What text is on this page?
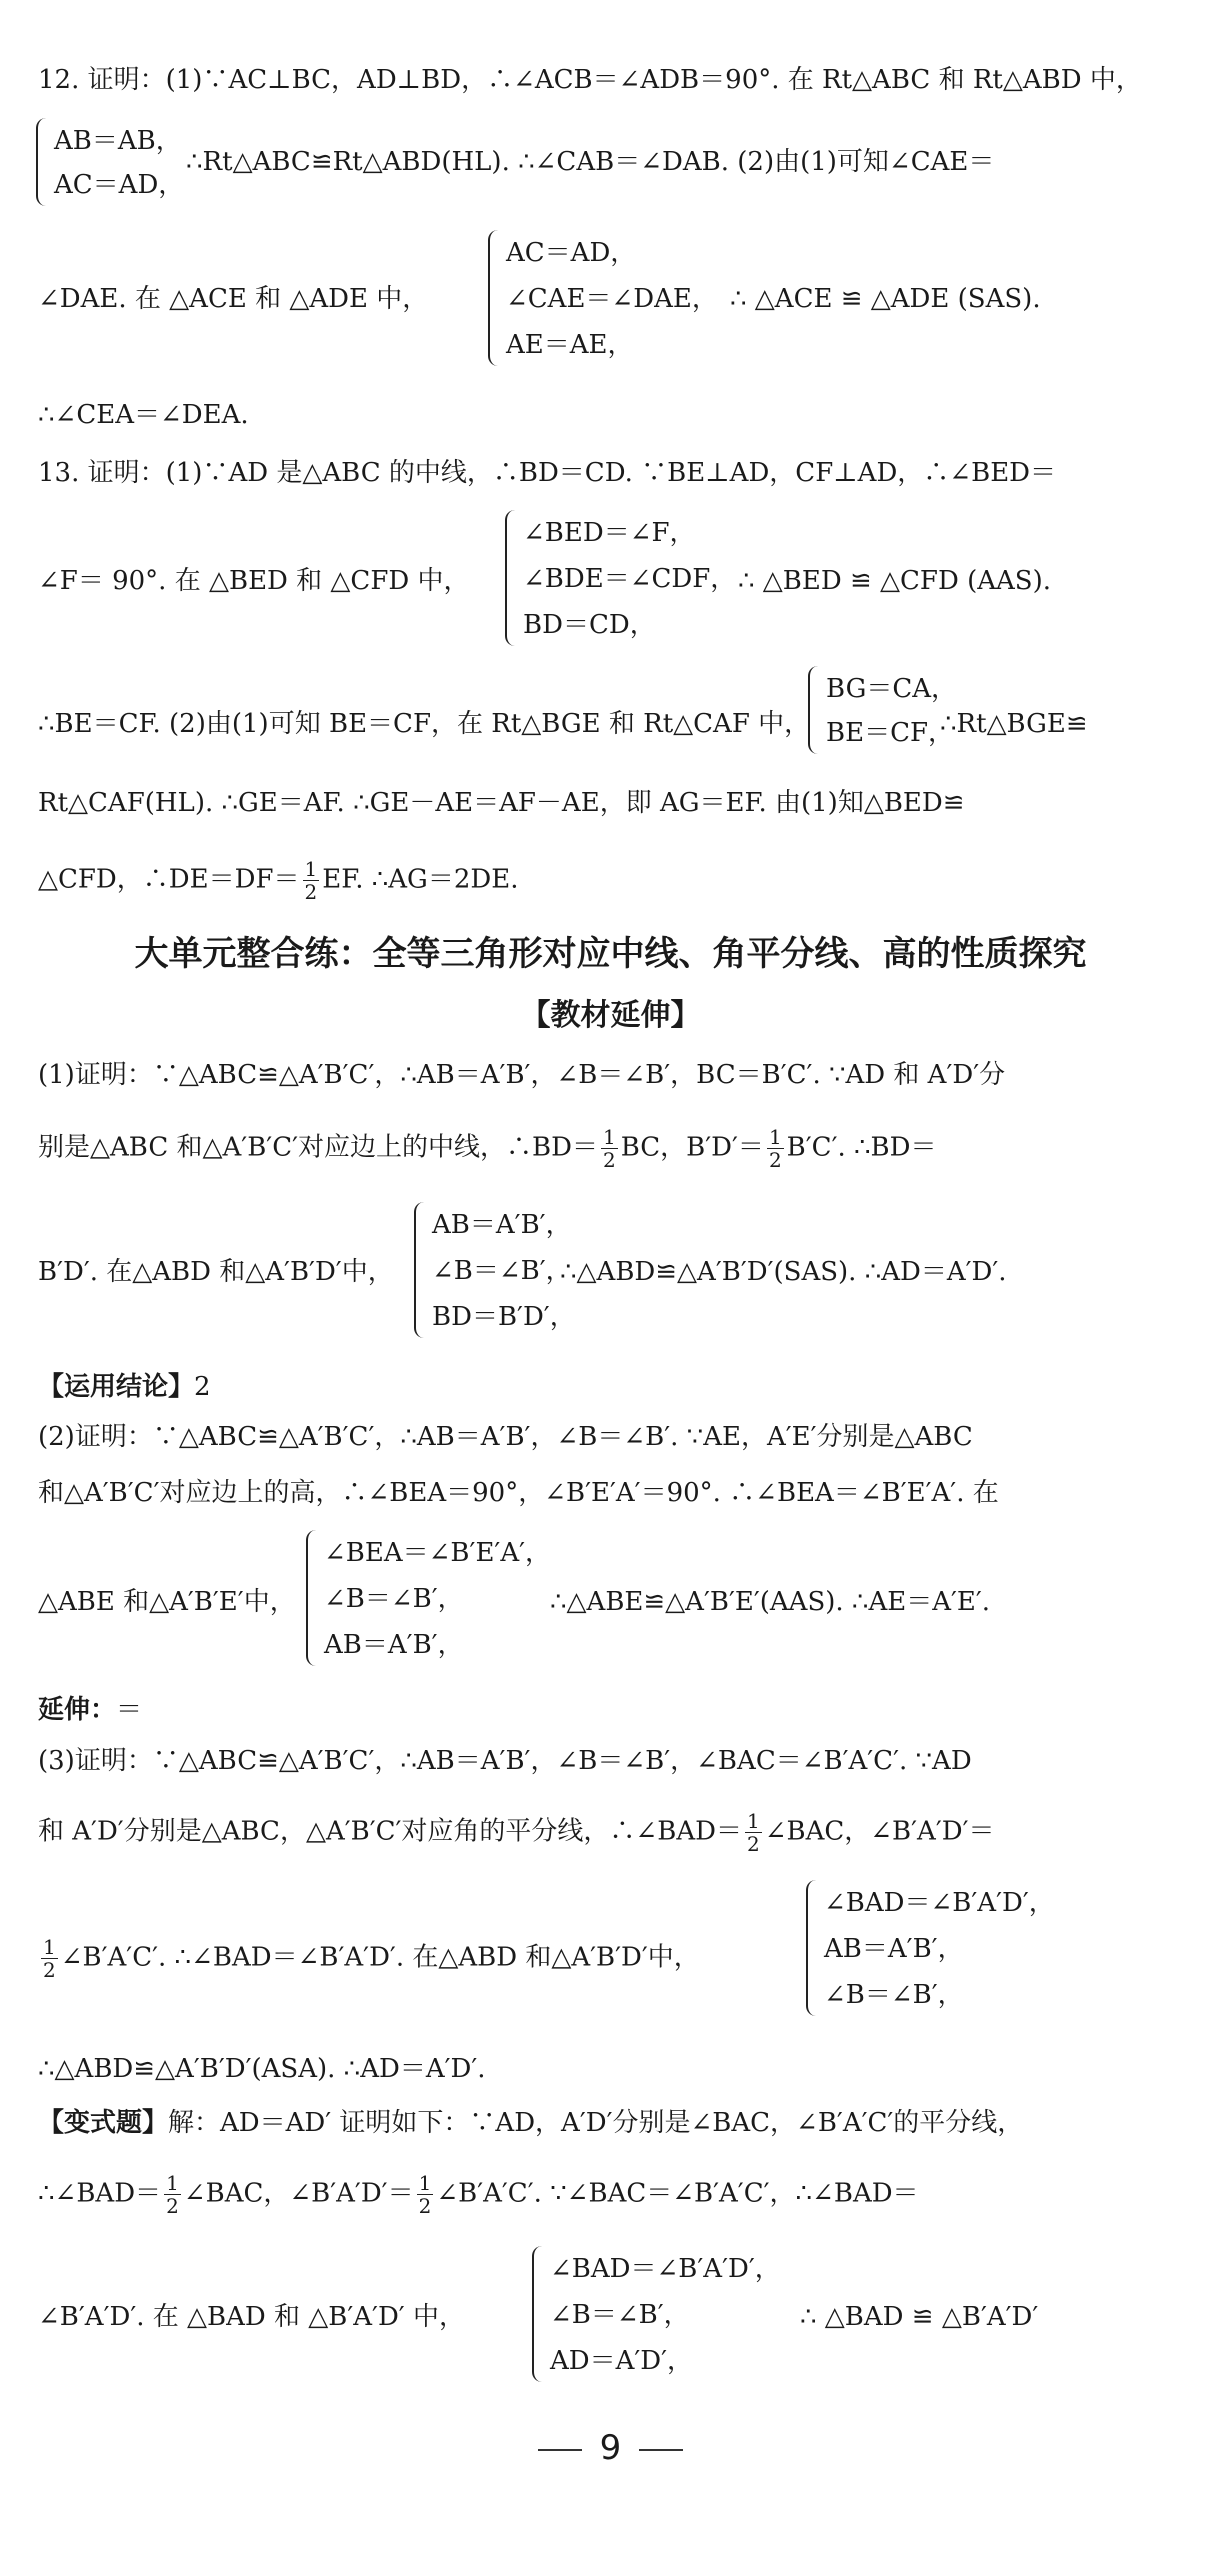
12. 证明：(1)∵AC⊥BC，AD⊥BD，∴∠ACB＝∠ADB＝90°. 在 Rt△ABC 和 Rt△ABD 中，
AB＝AB，
AC＝AD，
∴Rt△ABC≌Rt△ABD(HL). ∴∠CAB＝∠DAB. (2)由(1)可知∠CAE＝
∠DAE. 在 △ACE 和 △ADE 中，
AC＝AD，
∠CAE＝∠DAE，
AE＝AE，
∴ △ACE ≌ △ADE (SAS).
∴∠CEA＝∠DEA.
13. 证明：(1)∵AD 是△ABC 的中线，∴BD＝CD. ∵BE⊥AD，CF⊥AD，∴∠BED＝
∠F＝ 90°. 在 △BED 和 △CFD 中，
∠BED＝∠F，
∠BDE＝∠CDF，
BD＝CD，
∴ △BED ≌ △CFD (AAS).
∴BE＝CF. (2)由(1)可知 BE＝CF，在 Rt△BGE 和 Rt△CAF 中，
BG＝CA，
BE＝CF，
∴Rt△BGE≌
Rt△CAF(HL). ∴GE＝AF. ∴GE－AE＝AF－AE，即 AG＝EF. 由(1)知△BED≌
△CFD，∴DE＝DF＝ $\frac{1}{2}$ EF. ∴AG＝2DE.
大单元整合练：全等三角形对应中线、角平分线、高的性质探究
【教材延伸】
(1)证明：∵△ABC≌△A′B′C′，∴AB＝A′B′，∠B＝∠B′，BC＝B′C′. ∵AD 和 A′D′分
别是△ABC 和△A′B′C′对应边上的中线，∴BD＝ $\frac{1}{2}$ BC，$B'D'= \frac{1}{2} B'C'$. ∴BD＝
B′D′. 在△ABD 和△A′B′D′中，
AB＝A′B′，
∠B＝∠B′，
BD＝B′D′，
∴△ABD≌△A′B′D′(SAS). ∴AD＝A′D′.
【运用结论】2
(2)证明：∵△ABC≌△A′B′C′，∴AB＝A′B′，∠B＝∠B′. ∵AE，A′E′分别是△ABC
和△A′B′C′对应边上的高，∴∠BEA＝90°，∠B′E′A′＝90°. ∴∠BEA＝∠B′E′A′. 在
△ABE 和△A′B′E′中，
∠BEA＝∠B′E′A′，
∠B＝∠B′，
AB＝A′B′，
∴△ABE≌△A′B′E′(AAS). ∴AE＝A′E′.
延伸：＝
(3)证明：∵△ABC≌△A′B′C′，∴AB＝A′B′，∠B＝∠B′，∠BAC＝∠B′A′C′. ∵AD
和 A′D′分别是△ABC，△A′B′C′对应角的平分线，∴∠BAD＝ $\frac{1}{2}$ ∠BAC，∠B′A′D′＝
$\frac{1}{2}$ ∠B′A′C′. ∴∠BAD＝∠B′A′D′. 在△ABD 和△A′B′D′中，
∠BAD＝∠B′A′D′，
AB＝A′B′，
∠B＝∠B′，
∴△ABD≌△A′B′D′(ASA). ∴AD＝A′D′.
【变式题】解：AD＝AD′ 证明如下：∵AD，A′D′分别是∠BAC，∠B′A′C′的平分线，
∴∠BAD＝ $\frac{1}{2}$ ∠BAC，∠B′A′D′＝ $\frac{1}{2}$ ∠B′A′C′. ∵∠BAC＝∠B′A′C′，∴∠BAD＝
∠B′A′D′. 在 △BAD 和 △B′A′D′ 中，
∠BAD＝∠B′A′D′，
∠B＝∠B′，
AD＝A′D′，
∴ △BAD ≌ △B′A′D′
9
